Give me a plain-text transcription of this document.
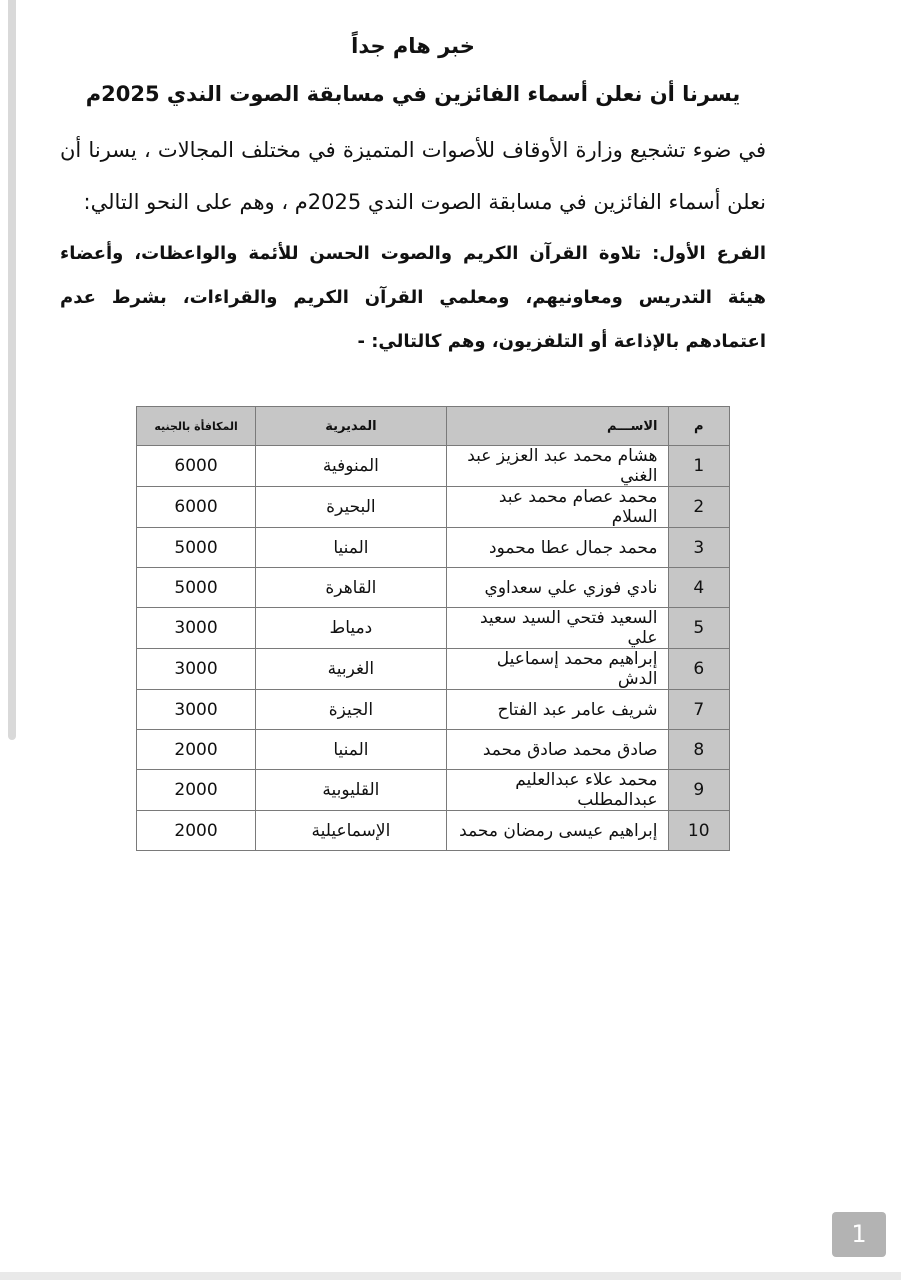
خبر هام جداً
يسرنا أن نعلن أسماء الفائزين في مسابقة الصوت الندي 2025م

في ضوء تشجيع وزارة الأوقاف للأصوات المتميزة في مختلف المجالات ، يسرنا أن نعلن أسماء الفائزين في مسابقة الصوت الندي 2025م ، وهم على النحو التالي:

الفرع الأول: تلاوة القرآن الكريم والصوت الحسن للأئمة والواعظات، وأعضاء هيئة التدريس ومعاونيهم، ومعلمي القرآن الكريم والقراءات، بشرط عدم اعتمادهم بالإذاعة أو التلفزيون، وهم كالتالي: -

م	الاســـم	المديرية	المكافأة بالجنيه
1	هشام محمد عبد العزيز عبد الغني	المنوفية	6000
2	محمد عصام محمد عبد السلام	البحيرة	6000
3	محمد جمال عطا محمود	المنيا	5000
4	نادي فوزي علي سعداوي	القاهرة	5000
5	السعيد فتحي السيد سعيد علي	دمياط	3000
6	إبراهيم محمد إسماعيل الدش	الغربية	3000
7	شريف عامر عبد الفتاح	الجيزة	3000
8	صادق محمد صادق محمد	المنيا	2000
9	محمد علاء عبدالعليم عبدالمطلب	القليوبية	2000
10	إبراهيم عيسى رمضان محمد	الإسماعيلية	2000
1
